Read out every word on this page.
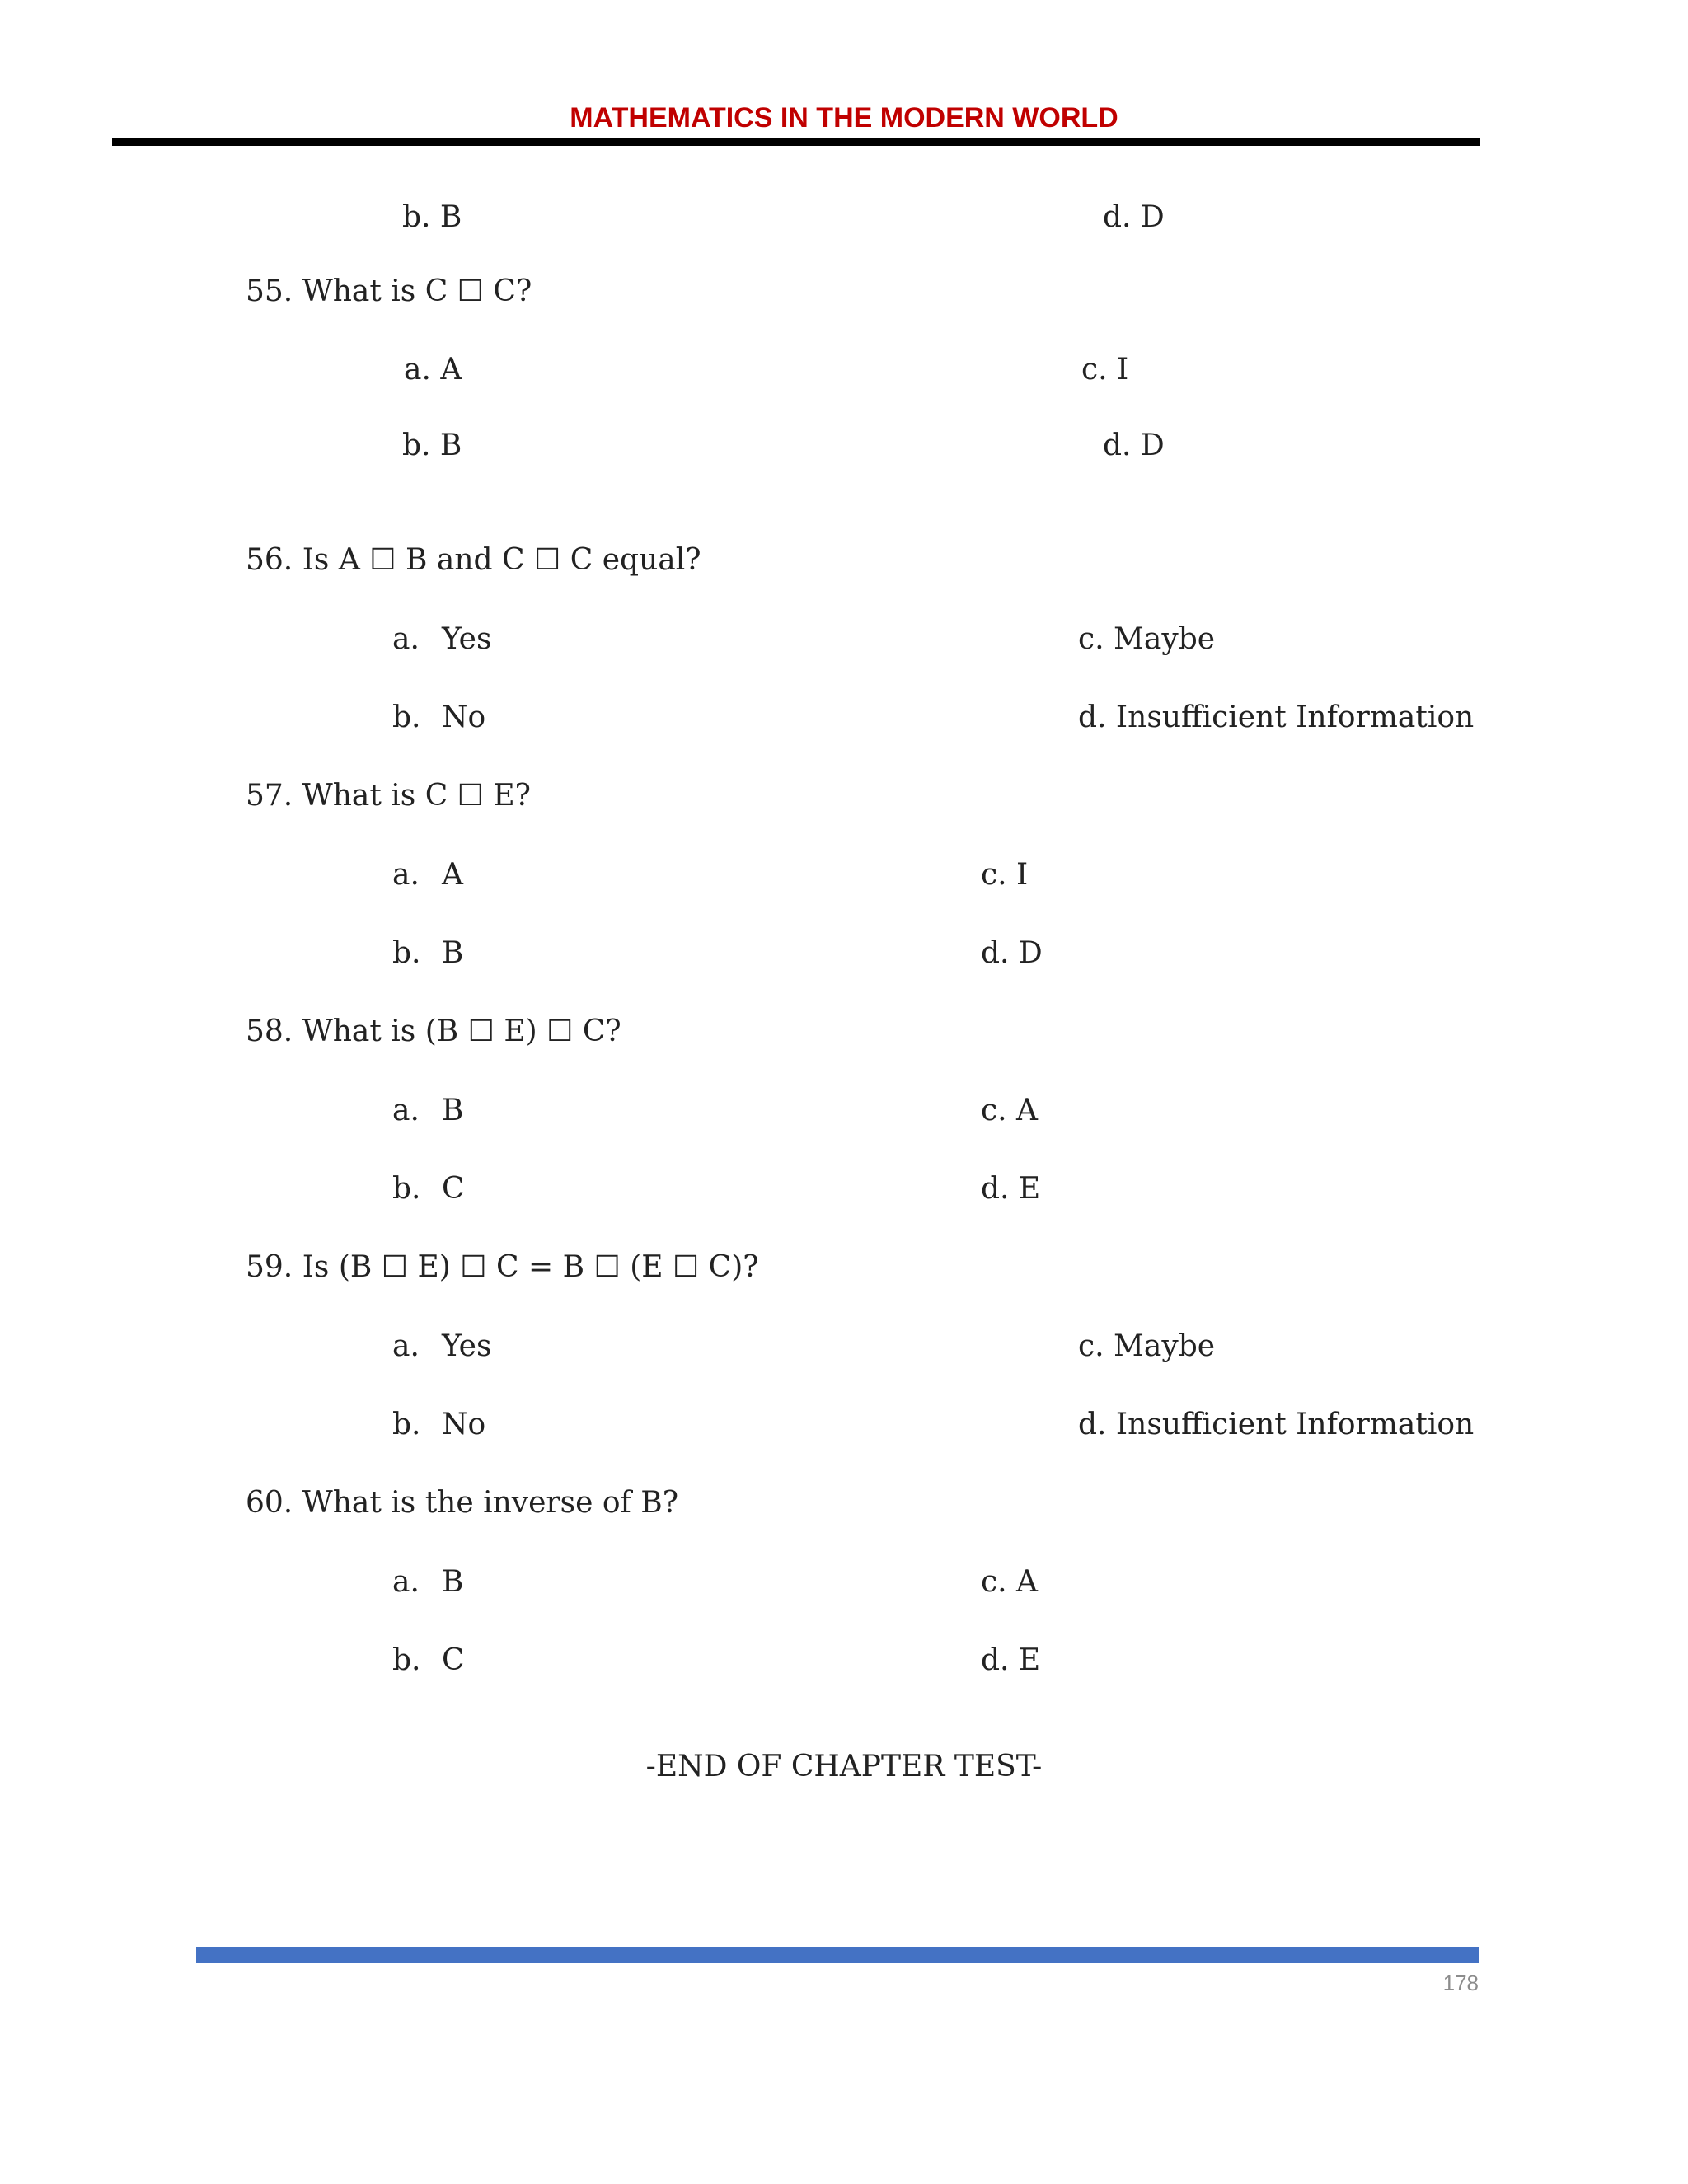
MATHEMATICS IN THE MODERN WORLD
b. B	d. D
55. What is C ☐ C?
a. A	c. I
b. B	d. D
56. Is A ☐ B and C ☐ C equal?
a. Yes	c. Maybe
b. No	d. Insufficient Information
57. What is C ☐ E?
a. A	c. I
b. B	d. D
58. What is (B ☐ E) ☐ C?
a. B	c. A
b. C	d. E
59. Is (B ☐ E) ☐ C = B ☐ (E ☐ C)?
a. Yes	c. Maybe
b. No	d. Insufficient Information
60. What is the inverse of B?
a. B	c. A
b. C	d. E
-END OF CHAPTER TEST-
178
